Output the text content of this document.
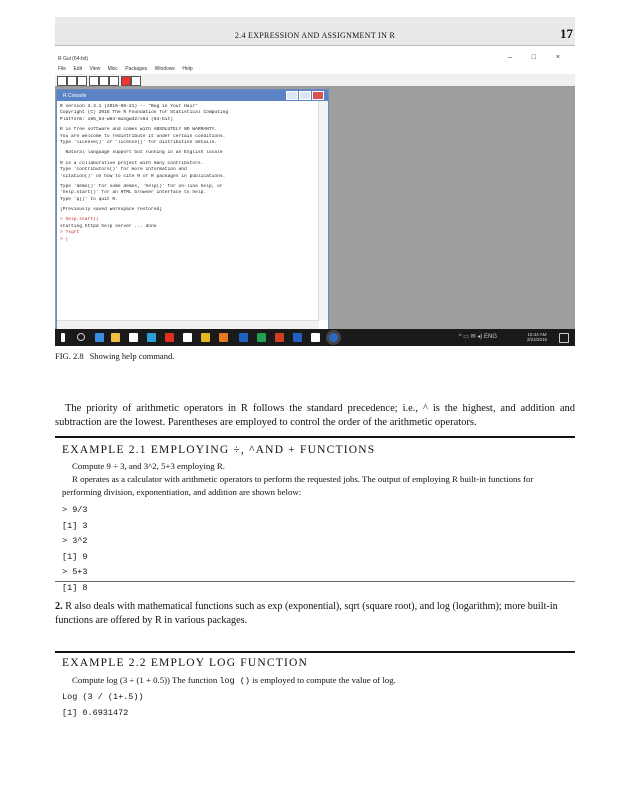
2.4 EXPRESSION AND ASSIGNMENT IN R	17
R Gui (64-bit)	– □ ×
File Edit View Misc Packages Windows Help
R Console
R version 3.3.1 (2016-06-21) -- "Bug in Your Hair"
Copyright (C) 2016 The R Foundation for Statistical Computing
Platform: x86_64-w64-mingw32/x64 (64-bit)
R is free software and comes with ABSOLUTELY NO WARRANTY.
You are welcome to redistribute it under certain conditions.
Type 'license()' or 'licence()' for distribution details.
Natural language support but running in an English locale
R is a collaborative project with many contributors.
Type 'contributors()' for more information and
'citation()' on how to cite R or R packages in publications.
Type 'demo()' for some demos, 'help()' for on-line help, or
'help.start()' for an HTML browser interface to help.
Type 'q()' to quit R.
[Previously saved workspace restored]
> help.start()
starting httpd help server ... done
> ?sqrt
> |
^ ▭ ✉ ◂) ENG	10:44 AM
2/24/2016
FIG. 2.8 Showing help command.
The priority of arithmetic operators in R follows the standard precedence; i.e., ^ is the highest, and addition and subtraction are the lowest. Parentheses are employed to control the order of the arithmetic operators.
EXAMPLE 2.1 EMPLOYING ÷, ^AND + FUNCTIONS
Compute 9 ÷ 3, and 3^2, 5+3 employing R.
R operates as a calculator with arithmetic operators to perform the requested jobs. The output of employing R built-in functions for performing division, exponentiation, and addition are shown below:
> 9/3
[1] 3
> 3^2
[1] 9
> 5+3
[1] 8
2. R also deals with mathematical functions such as exp (exponential), sqrt (square root), and log (logarithm); more built-in functions are offered by R in various packages.
EXAMPLE 2.2 EMPLOY LOG FUNCTION
Compute log (3 ÷ (1 + 0.5)) The function log () is employed to compute the value of log.
Log (3 / (1+.5))
[1] 0.6931472
